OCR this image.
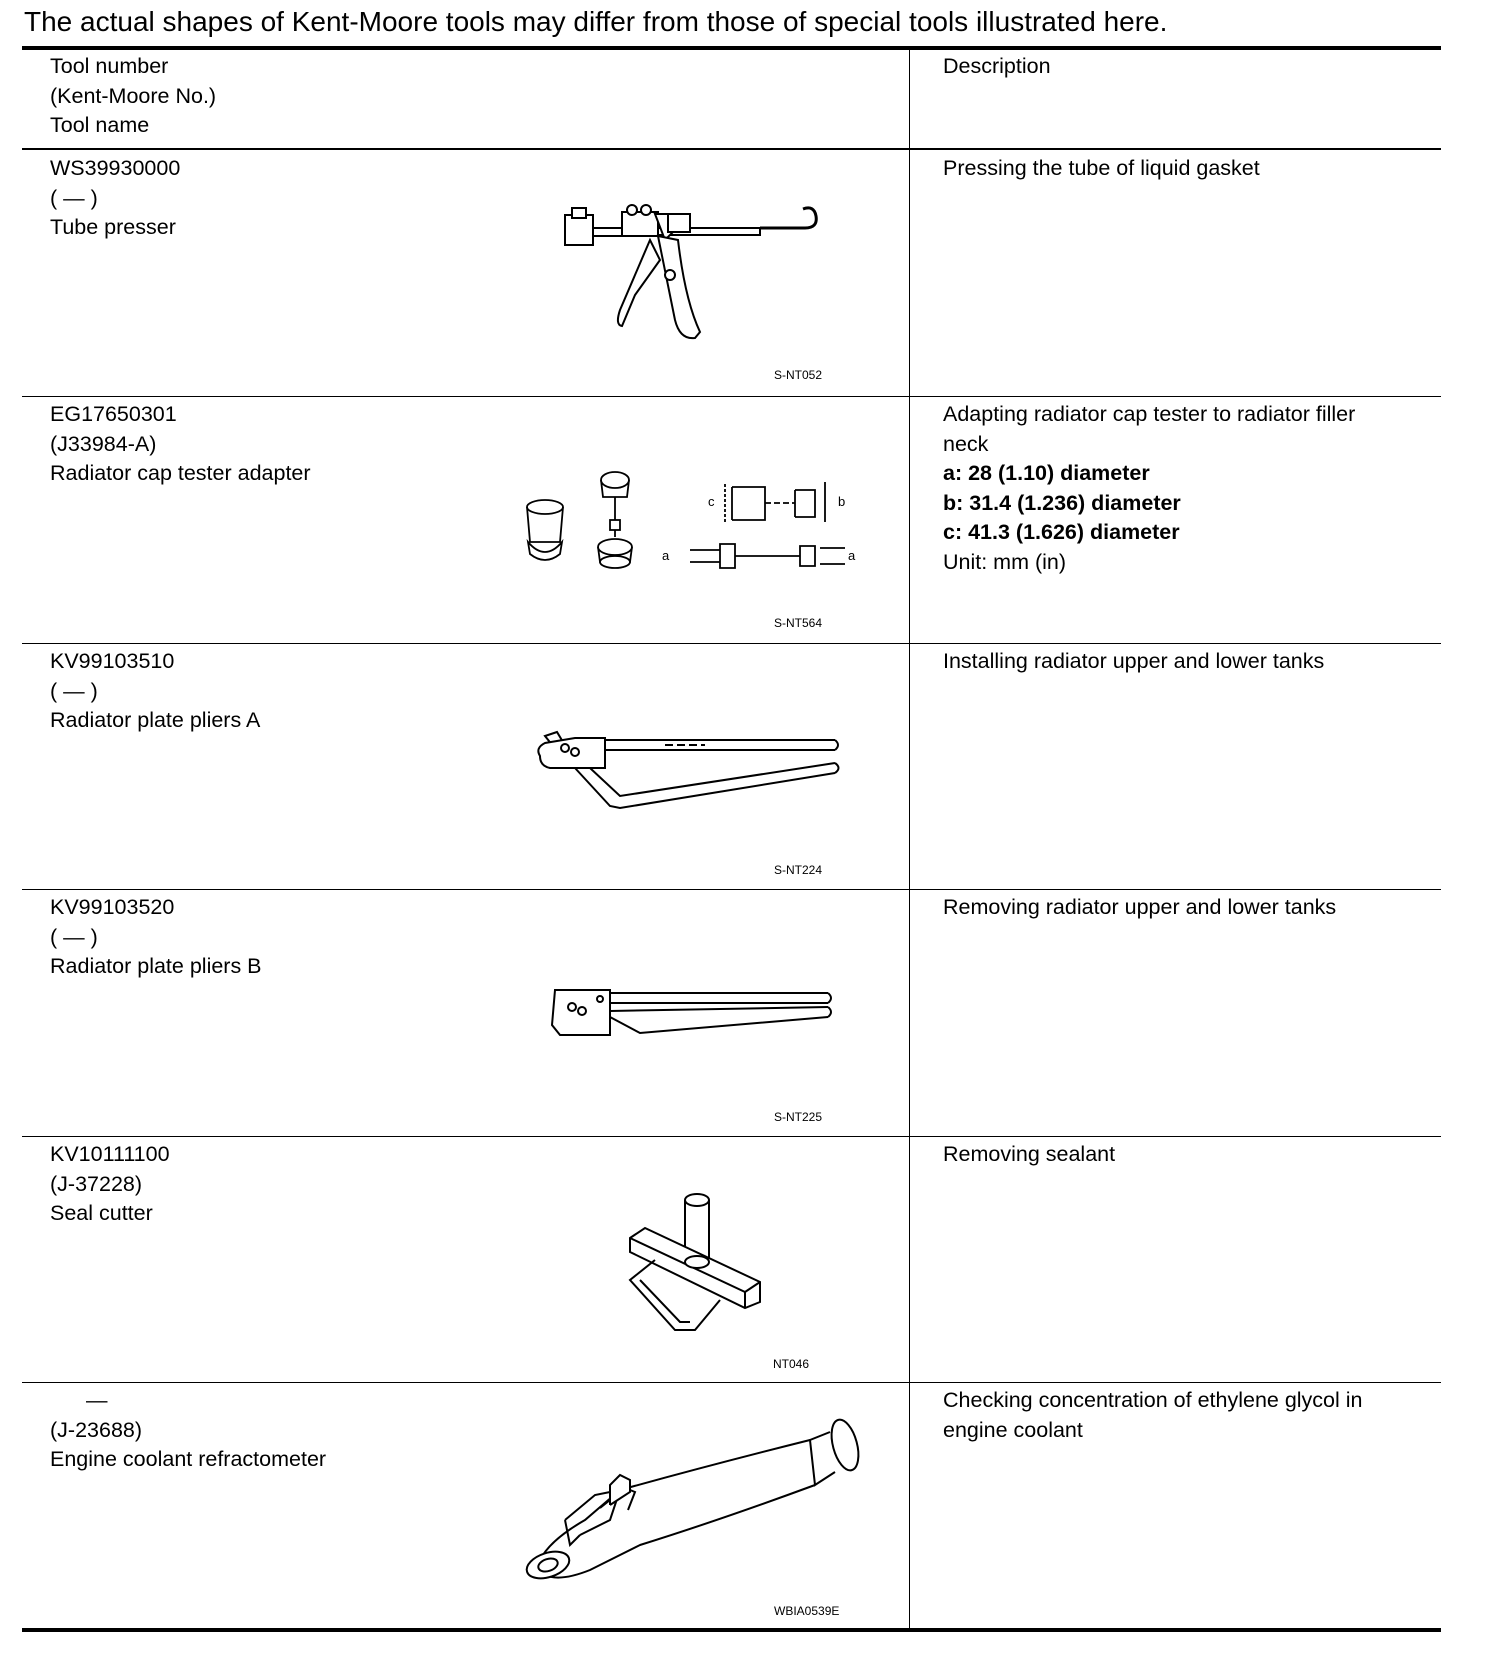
The actual shapes of Kent-Moore tools may differ from those of special tools illustrated here.
Tool number
(Kent-Moore No.)
Tool name
Description
WS39930000
( — )
Tube presser
S-NT052
Pressing the tube of liquid gasket
EG17650301
(J33984-A)
Radiator cap tester adapter
a
b
c
a
S-NT564
Adapting radiator cap tester to radiator filler
neck
a: 28 (1.10) diameter
b: 31.4 (1.236) diameter
c: 41.3 (1.626) diameter
Unit: mm (in)
KV99103510
( — )
Radiator plate pliers A
S-NT224
Installing radiator upper and lower tanks
KV99103520
( — )
Radiator plate pliers B
S-NT225
Removing radiator upper and lower tanks
KV10111100
(J-37228)
Seal cutter
NT046
Removing sealant
—
(J-23688)
Engine coolant refractometer
WBIA0539E
Checking concentration of ethylene glycol in
engine coolant
